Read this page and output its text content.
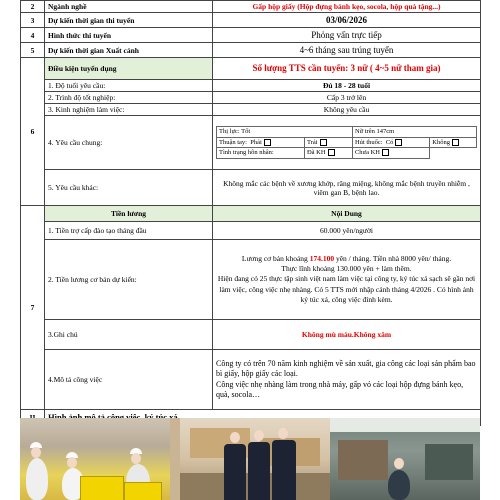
2	Ngành nghề	Gấp hộp giấy (Hộp đựng bánh kẹo, socola, hộp quà tặng...)
3	Dự kiến thời gian thi tuyển	03/06/2026
4	Hình thức thi tuyển	Phỏng vấn trực tiếp
5	Dự kiến thời gian Xuất cảnh	4~6 tháng sau trúng tuyển
6	Điều kiện tuyển dụng	Số lượng TTS cần tuyển: 3 nữ ( 4~5 nữ tham gia)
1. Độ tuổi yêu cầu:	Đủ 18 - 28 tuổi
2. Trình độ tốt nghiệp:	Cấp 3 trở lên
3. Kinh nghiệm làm việc:	Không yêu cầu
4. Yêu cầu chung:	
Thị lực: Tốt	Nữ trên 147cm
Thuận tay: Phải	Trái	Hút thuốc: Có	Không
Tình trạng hôn nhân:	Đã KH	Chưa KH	

5. Yêu cầu khác:	Không mắc các bệnh về xương khớp, răng miệng, không mắc bệnh truyền nhiễm , viêm gan B, bệnh lao.
7	Tiền lương	Nội Dung
1. Tiền trợ cấp đào tạo tháng đầu	60.000 yên/người
2. Tiền lương cơ bản dự kiến:	
Lương cơ bản khoảng 174.100 yên / tháng. Tiền nhà 8000 yên/ tháng.
Thực lĩnh khoảng 130.000 yên + làm thêm.
Hiện đang có 25 thực tập sinh việt nam làm việc tại công ty, ký túc xá sạch sẽ gần nơi làm việc, công việc nhẹ nhàng. Có 5 TTS mới nhập cảnh tháng 4/2026 . Có hình ảnh ký túc xá, công việc đính kèm.

3.Ghi chú	Không mù màu.Không xăm
4.Mô tả công việc	
Công ty có trên 70 năm kinh nghiệm về sản xuất, gia công các loại sản phẩm bao bì giấy, hộp giấy các loại.
Công việc nhẹ nhàng làm trong nhà máy, gấp vỏ các loại hộp đựng bánh kẹo, quà, socola…
